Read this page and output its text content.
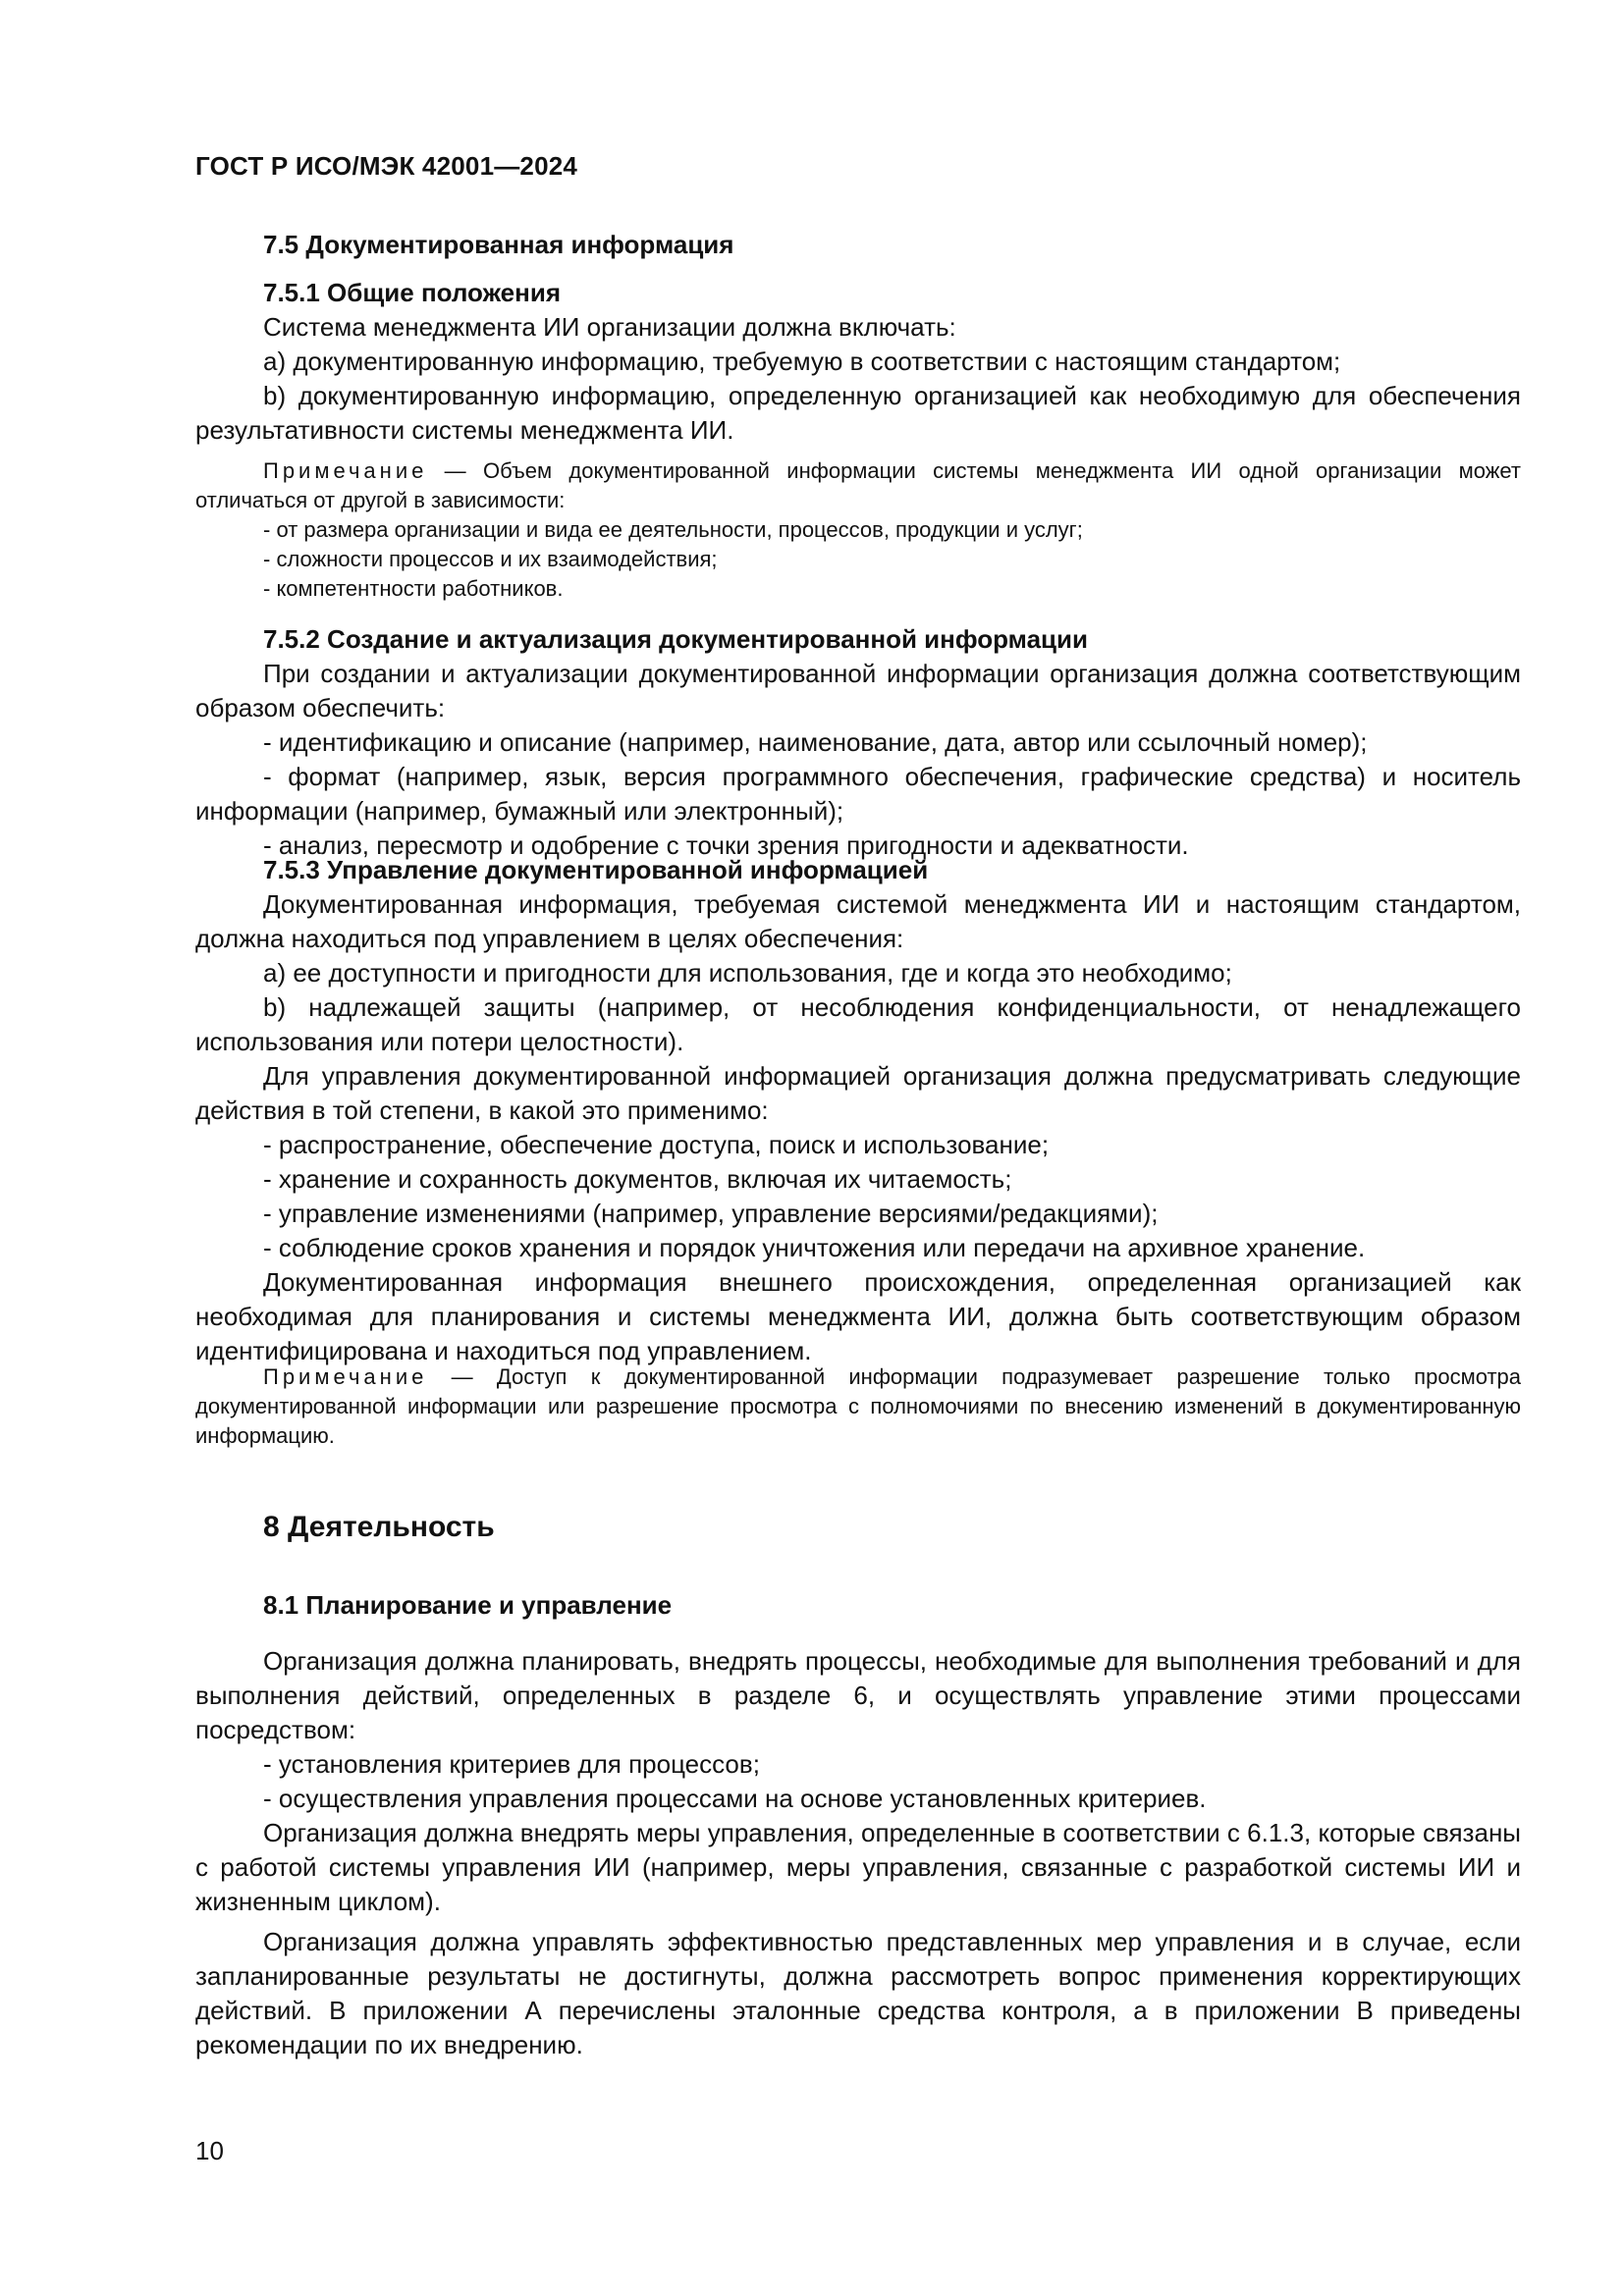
ГОСТ Р ИСО/МЭК 42001—2024
7.5 Документированная информация

7.5.1 Общие положения

Система менеджмента ИИ организации должна включать:

а) документированную информацию, требуемую в соответствии с настоящим стандартом;

b) документированную информацию, определенную организацией как необходимую для обеспечения результативности системы менеджмента ИИ.

Примечание — Объем документированной информации системы менеджмента ИИ одной организации может отличаться от другой в зависимости:

- от размера организации и вида ее деятельности, процессов, продукции и услуг;

- сложности процессов и их взаимодействия;

- компетентности работников.

7.5.2 Создание и актуализация документированной информации

При создании и актуализации документированной информации организация должна соответствующим образом обеспечить:

- идентификацию и описание (например, наименование, дата, автор или ссылочный номер);

- формат (например, язык, версия программного обеспечения, графические средства) и носитель информации (например, бумажный или электронный);

- анализ, пересмотр и одобрение с точки зрения пригодности и адекватности.

7.5.3 Управление документированной информацией

Документированная информация, требуемая системой менеджмента ИИ и настоящим стандартом, должна находиться под управлением в целях обеспечения:

а) ее доступности и пригодности для использования, где и когда это необходимо;

b) надлежащей защиты (например, от несоблюдения конфиденциальности, от ненадлежащего использования или потери целостности).

Для управления документированной информацией организация должна предусматривать следующие действия в той степени, в какой это применимо:

- распространение, обеспечение доступа, поиск и использование;

- хранение и сохранность документов, включая их читаемость;

- управление изменениями (например, управление версиями/редакциями);

- соблюдение сроков хранения и порядок уничтожения или передачи на архивное хранение.

Документированная информация внешнего происхождения, определенная организацией как необходимая для планирования и системы менеджмента ИИ, должна быть соответствующим образом идентифицирована и находиться под управлением.

Примечание — Доступ к документированной информации подразумевает разрешение только просмотра документированной информации или разрешение просмотра с полномочиями по внесению изменений в документированную информацию.

8 Деятельность
8.1 Планирование и управление

Организация должна планировать, внедрять процессы, необходимые для выполнения требований и для выполнения действий, определенных в разделе 6, и осуществлять управление этими процессами посредством:

- установления критериев для процессов;

- осуществления управления процессами на основе установленных критериев.

Организация должна внедрять меры управления, определенные в соответствии с 6.1.3, которые связаны с работой системы управления ИИ (например, меры управления, связанные с разработкой системы ИИ и жизненным циклом).

Организация должна управлять эффективностью представленных мер управления и в случае, если запланированные результаты не достигнуты, должна рассмотреть вопрос применения корректирующих действий. В приложении А перечислены эталонные средства контроля, а в приложении В приведены рекомендации по их внедрению.

10
